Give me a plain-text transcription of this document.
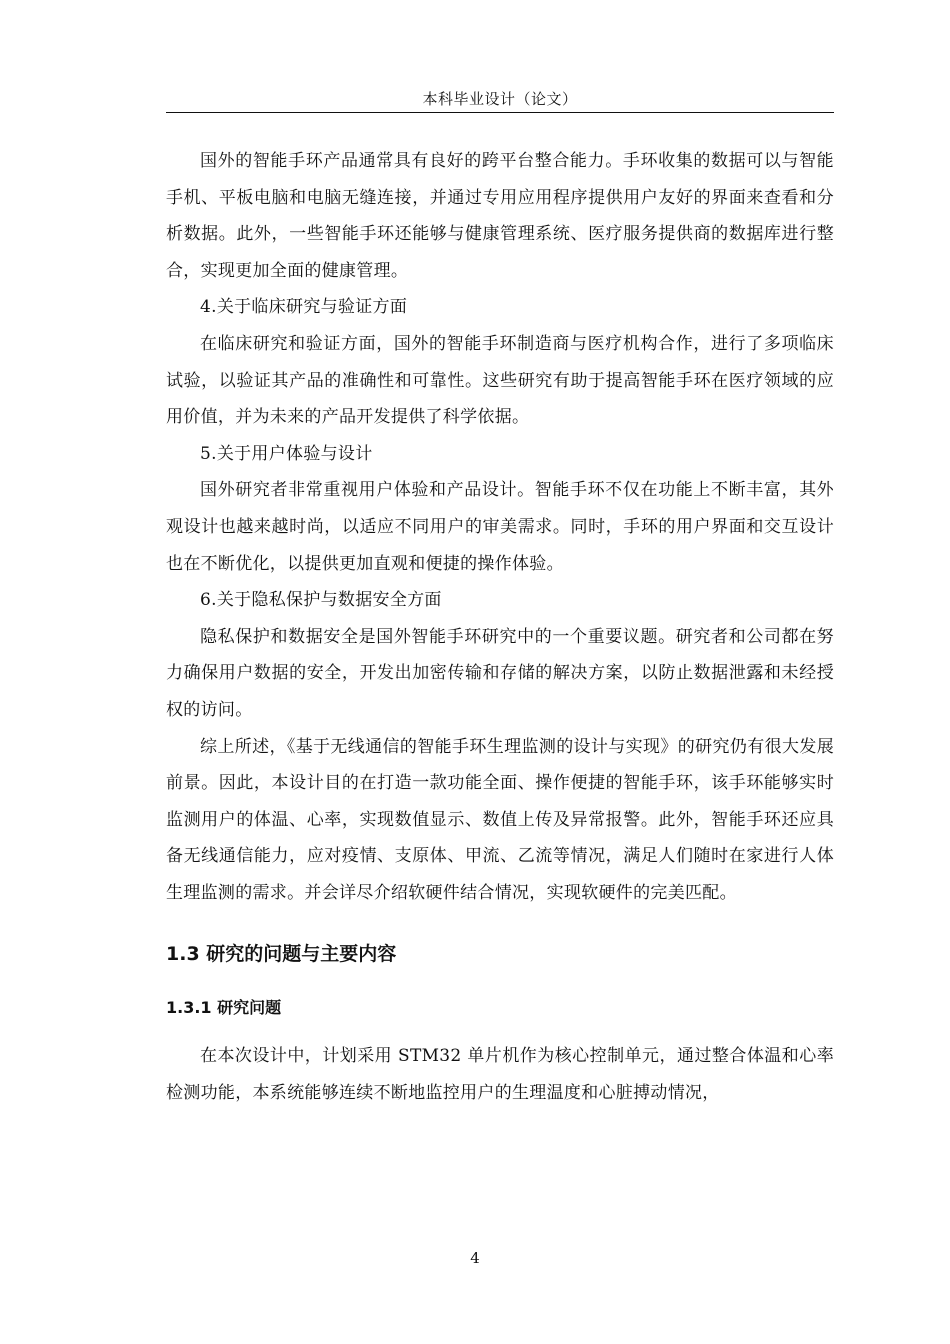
本科毕业设计（论文）

国外的智能手环产品通常具有良好的跨平台整合能力。手环收集的数据可以与智能手机、平板电脑和电脑无缝连接，并通过专用应用程序提供用户友好的界面来查看和分析数据。此外，一些智能手环还能够与健康管理系统、医疗服务提供商的数据库进行整合，实现更加全面的健康管理。

4.关于临床研究与验证方面

在临床研究和验证方面，国外的智能手环制造商与医疗机构合作，进行了多项临床试验，以验证其产品的准确性和可靠性。这些研究有助于提高智能手环在医疗领域的应用价值，并为未来的产品开发提供了科学依据。

5.关于用户体验与设计

国外研究者非常重视用户体验和产品设计。智能手环不仅在功能上不断丰富，其外观设计也越来越时尚，以适应不同用户的审美需求。同时，手环的用户界面和交互设计也在不断优化，以提供更加直观和便捷的操作体验。

6.关于隐私保护与数据安全方面

隐私保护和数据安全是国外智能手环研究中的一个重要议题。研究者和公司都在努力确保用户数据的安全，开发出加密传输和存储的解决方案，以防止数据泄露和未经授权的访问。

综上所述，《基于无线通信的智能手环生理监测的设计与实现》的研究仍有很大发展前景。因此，本设计目的在打造一款功能全面、操作便捷的智能手环，该手环能够实时监测用户的体温、心率，实现数值显示、数值上传及异常报警。此外，智能手环还应具备无线通信能力，应对疫情、支原体、甲流、乙流等情况，满足人们随时在家进行人体生理监测的需求。并会详尽介绍软硬件结合情况，实现软硬件的完美匹配。

1.3 研究的问题与主要内容
1.3.1 研究问题

在本次设计中，计划采用 STM32 单片机作为核心控制单元，通过整合体温和心率检测功能，本系统能够连续不断地监控用户的生理温度和心脏搏动情况，

4
